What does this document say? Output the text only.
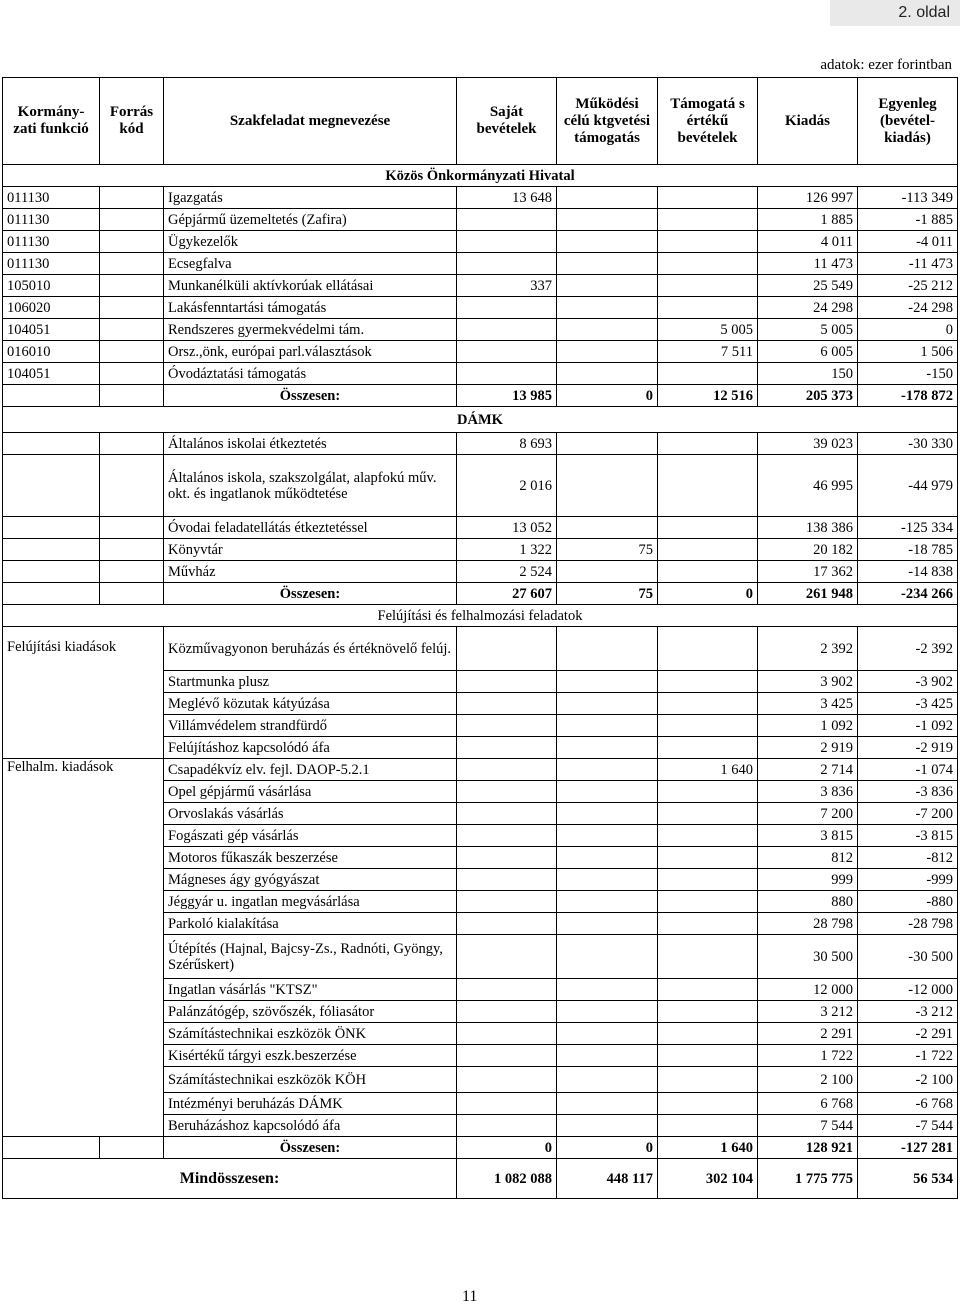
2. oldal
adatok: ezer forintban
Kormány-zati funkció	Forrás kód	Szakfeladat megnevezése	Saját bevételek	Működési célú ktgvetési támogatás	Támogatá s értékű bevételek	Kiadás	Egyenleg (bevétel-kiadás)
Közös Önkormányzati Hivatal							
011130		Igazgatás	13 648			126 997	-113 349
011130		Gépjármű üzemeltetés (Zafira)				1 885	-1 885
011130		Ügykezelők				4 011	-4 011
011130		Ecsegfalva				11 473	-11 473
105010		Munkanélküli aktívkorúak ellátásai	337			25 549	-25 212
106020		Lakásfenntartási támogatás				24 298	-24 298
104051		Rendszeres gyermekvédelmi tám.			5 005	5 005	0
016010		Orsz.,önk, európai parl.választások			7 511	6 005	1 506
104051		Óvodáztatási támogatás				150	-150
		Összesen:	13 985	0	12 516	205 373	-178 872
DÁMK							
		Általános iskolai étkeztetés	8 693			39 023	-30 330
		Általános iskola, szakszolgálat, alapfokú műv. okt. és ingatlanok működtetése	2 016			46 995	-44 979
		Óvodai feladatellátás étkeztetéssel	13 052			138 386	-125 334
		Könyvtár	1 322	75		20 182	-18 785
		Művház	2 524			17 362	-14 838
		Összesen:	27 607	75	0	261 948	-234 266
Felújítási és felhalmozási feladatok							
Felújítási kiadások		Közművagyonon beruházás és értéknövelő felúj.				2 392	-2 392
		Startmunka plusz				3 902	-3 902
		Meglévő közutak kátyúzása				3 425	-3 425
		Villámvédelem strandfürdő				1 092	-1 092
		Felújításhoz kapcsolódó áfa				2 919	-2 919
Felhalm. kiadások		Csapadékvíz elv. fejl. DAOP-5.2.1			1 640	2 714	-1 074
		Opel gépjármű vásárlása				3 836	-3 836
		Orvoslakás vásárlás				7 200	-7 200
		Fogászati gép vásárlás				3 815	-3 815
		Motoros fűkaszák beszerzése				812	-812
		Mágneses ágy gyógyászat				999	-999
		Jéggyár u. ingatlan megvásárlása				880	-880
		Parkoló kialakítása				28 798	-28 798
		Útépítés (Hajnal, Bajcsy-Zs., Radnóti, Gyöngy, Szérűskert)				30 500	-30 500
		Ingatlan vásárlás "KTSZ"				12 000	-12 000
		Palánzátógép, szövőszék, fóliasátor				3 212	-3 212
		Számítástechnikai eszközök ÖNK				2 291	-2 291
		Kisértékű tárgyi eszk.beszerzése				1 722	-1 722
		Számítástechnikai eszközök KÖH				2 100	-2 100
		Intézményi beruházás DÁMK				6 768	-6 768
		Beruházáshoz kapcsolódó áfa				7 544	-7 544
		Összesen:	0	0	1 640	128 921	-127 281
Mindösszesen:			1 082 088	448 117	302 104	1 775 775	56 534
11
